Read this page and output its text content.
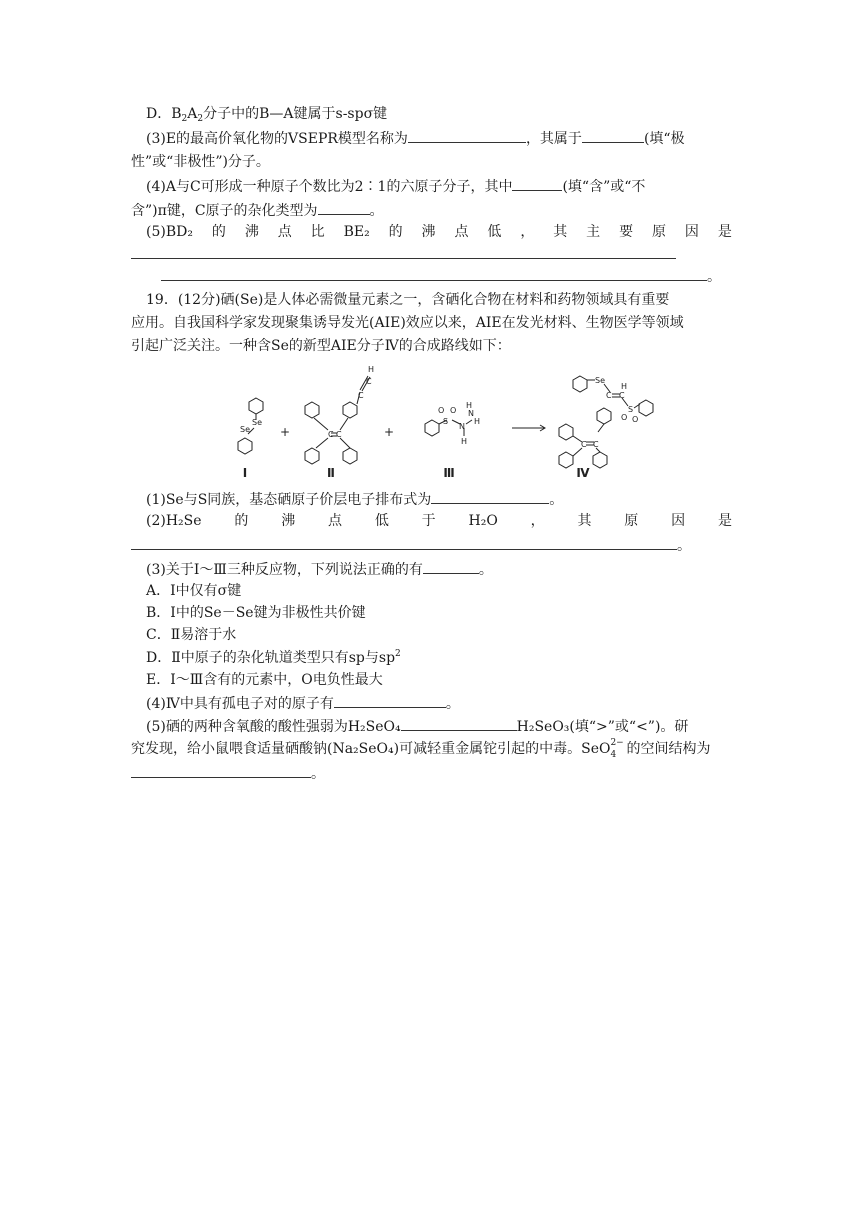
D．$B_2A_2$分子中的B—A键属于s-spσ键
(3)E的最高价氧化物的VSEPR模型名称为	，其属于	(填“极
性”或“非极性”)分子。
(4)A与C可形成一种原子个数比为2∶1的六原子分子，其中	(填“含”或“不
含”)π键，C原子的杂化类型为	。
(5)BD₂ 的 沸 点 比 BE₂ 的 沸 点 低 ， 其 主 要 原 因 是
。
19．(12分)硒(Se)是人体必需微量元素之一，含硒化合物在材料和药物领域具有重要
应用。自我国科学家发现聚集诱导发光(AIE)效应以来，AIE在发光材料、生物医学等领域
引起广泛关注。一种含Se的新型AIE分子Ⅳ的合成路线如下：
Se
Se
C C
C
C
H
S
O O
N
N
H
H
H
Se
H
C C
S
O O
C C
+	+
Ⅰ	Ⅱ	Ⅲ	Ⅳ
(1)Se与S同族，基态硒原子价层电子排布式为	。
(2)H₂Se 的 沸 点 低 于 H₂O ， 其 原 因 是
。
(3)关于Ⅰ～Ⅲ三种反应物，下列说法正确的有	。
A．Ⅰ中仅有σ键
B．Ⅰ中的Se－Se键为非极性共价键
C．Ⅱ易溶于水
D．Ⅱ中原子的杂化轨道类型只有sp与$sp^2$
E．Ⅰ～Ⅲ含有的元素中，O电负性最大
(4)Ⅳ中具有孤电子对的原子有	。
(5)硒的两种含氧酸的酸性强弱为H₂SeO₄	H₂SeO₃(填“>”或“<”)。研
究发现，给小鼠喂食适量硒酸钠(Na₂SeO₄)可减轻重金属铊引起的中毒。SeO 2−
4 的空间结构为
。
